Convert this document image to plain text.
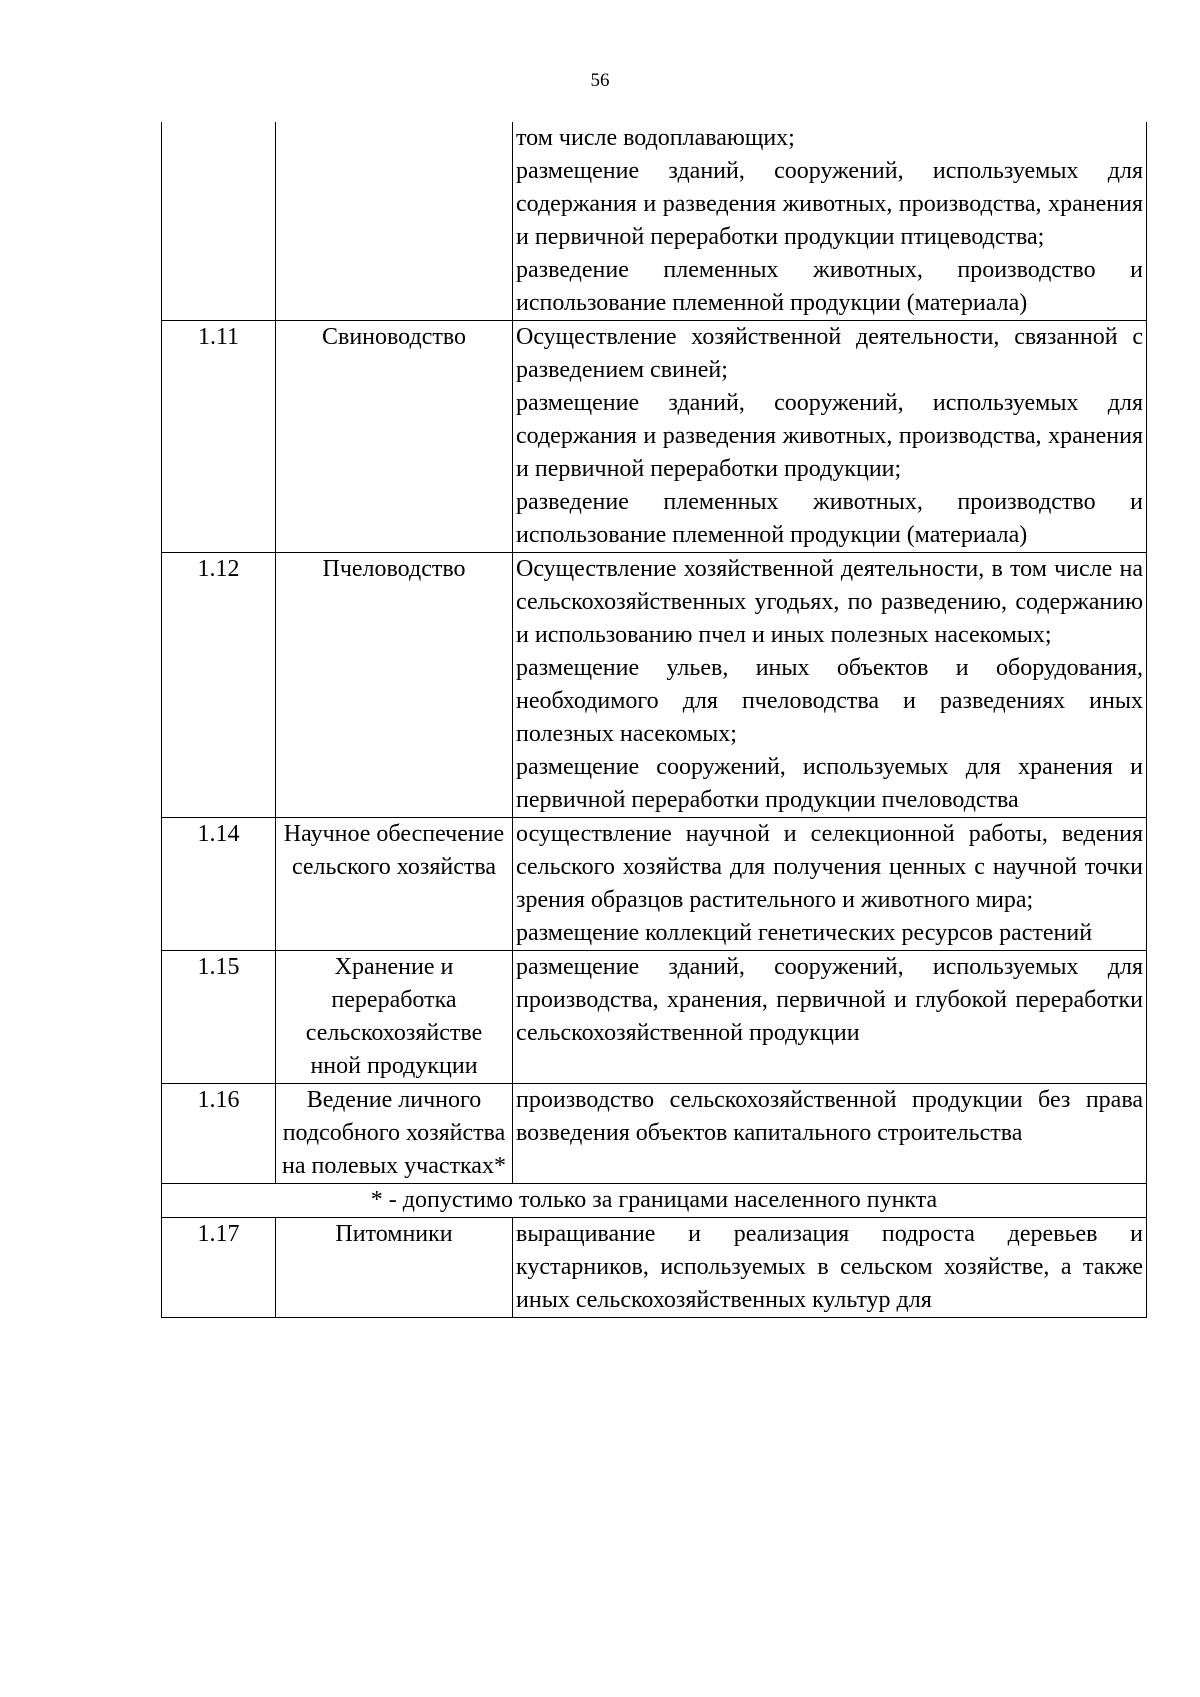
56

		том числе водоплавающих;

размещение зданий, сооружений, используемых для содержания и разведения животных, производства, хранения и первичной переработки продукции птицеводства;

разведение племенных животных, производство и использование племенной продукции (материала)

1.11	Свиноводство	Осуществление хозяйственной деятельности, связанной с разведением свиней;

размещение зданий, сооружений, используемых для содержания и разведения животных, производства, хранения и первичной переработки продукции;

разведение племенных животных, производство и использование племенной продукции (материала)

1.12	Пчеловодство	Осуществление хозяйственной деятельности, в том числе на сельскохозяйственных угодьях, по разведению, содержанию и использованию пчел и иных полезных насекомых;

размещение ульев, иных объектов и оборудования, необходимого для пчеловодства и разведениях иных полезных насекомых;

размещение сооружений, используемых для хранения и первичной переработки продукции пчеловодства

1.14	Научное обеспечение сельского хозяйства	осуществление научной и селекционной работы, ведения сельского хозяйства для получения ценных с научной точки зрения образцов растительного и животного мира;

размещение коллекций генетических ресурсов растений

1.15	Хранение и переработка сельскохозяйстве нной продукции	размещение зданий, сооружений, используемых для производства, хранения, первичной и глубокой переработки сельскохозяйственной продукции

1.16	Ведение личного подсобного хозяйства на полевых участках*	производство сельскохозяйственной продукции без права возведения объектов капитального строительства

* - допустимо только за границами населенного пункта		
1.17	Питомники	выращивание и реализация подроста деревьев и кустарников, используемых в сельском хозяйстве, а также иных сельскохозяйственных культур для
